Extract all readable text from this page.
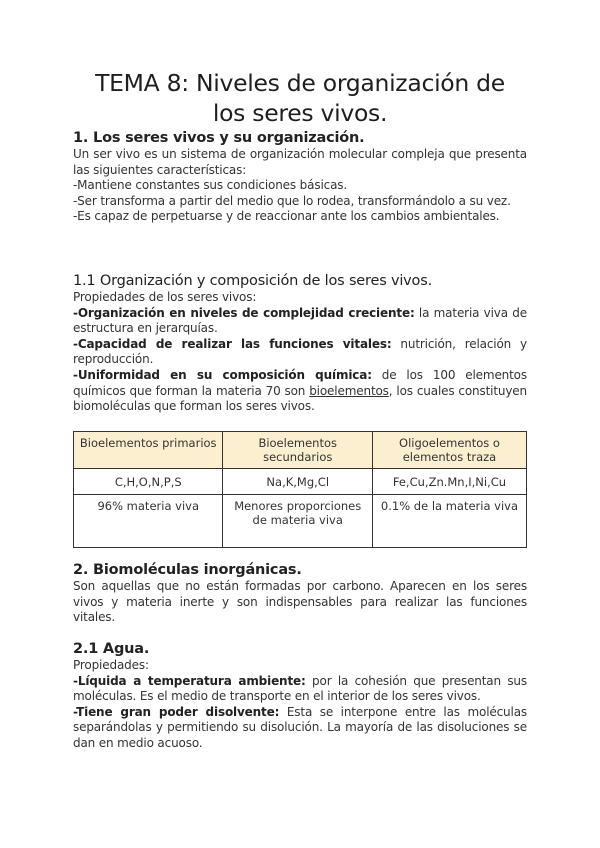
TEMA 8: Niveles de organización de
los seres vivos.

1. Los seres vivos y su organización.

Un ser vivo es un sistema de organización molecular compleja que presenta las siguientes características:

-Mantiene constantes sus condiciones básicas.

-Ser transforma a partir del medio que lo rodea, transformándolo a su vez.

-Es capaz de perpetuarse y de reaccionar ante los cambios ambientales.

1.1 Organización y composición de los seres vivos.

Propiedades de los seres vivos:

-Organización en niveles de complejidad creciente: la materia viva de estructura en jerarquías.

-Capacidad de realizar las funciones vitales: nutrición, relación y reproducción.

-Uniformidad en su composición química: de los 100 elementos químicos que forman la materia 70 son bioelementos, los cuales constituyen biomoléculas que forman los seres vivos.

Bioelementos primarios	Bioelementos secundarios	Oligoelementos o elementos traza
C,H,O,N,P,S	Na,K,Mg,Cl	Fe,Cu,Zn.Mn,I,Ni,Cu
96% materia viva	Menores proporciones de materia viva	0.1% de la materia viva

2. Biomoléculas inorgánicas.

Son aquellas que no están formadas por carbono. Aparecen en los seres vivos y materia inerte y son indispensables para realizar las funciones vitales.

2.1 Agua.

Propiedades:

-Líquida a temperatura ambiente: por la cohesión que presentan sus moléculas. Es el medio de transporte en el interior de los seres vivos.

-Tiene gran poder disolvente: Esta se interpone entre las moléculas separándolas y permitiendo su disolución. La mayoría de las disoluciones se dan en medio acuoso.
